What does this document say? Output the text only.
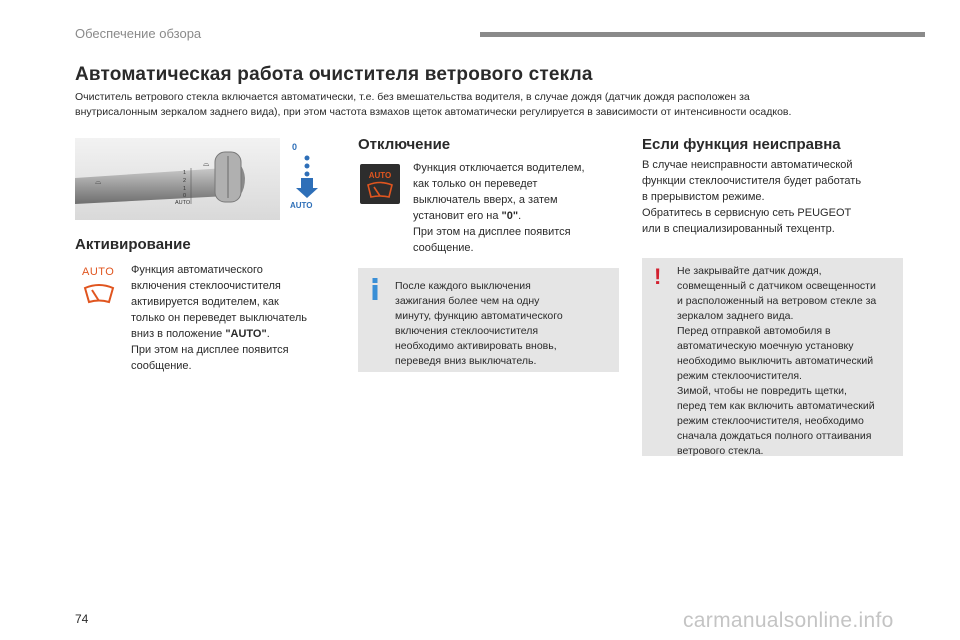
Обеспечение обзора
Автоматическая работа очистителя ветрового стекла
Очиститель ветрового стекла включается автоматически, т.е. без вмешательства водителя, в случае дождя (датчик дождя расположен за
внутрисалонным зеркалом заднего вида), при этом частота взмахов щеток автоматически регулируется в зависимости от интенсивности осадков.
⌓
⌓
1
2
1
0
AUTO
0
AUTO
Активирование
AUTO Функция автоматического
включения стеклоочистителя
активируется водителем, как
только он переведет выключатель
вниз в положение "AUTO".
При этом на дисплее появится
сообщение.
Отключение
AUTO
Функция отключается водителем,
как только он переведет
выключатель вверх, а затем
установит его на "0".
При этом на дисплее появится
сообщение.
После каждого выключения
зажигания более чем на одну
минуту, функцию автоматического
включения стеклоочистителя
необходимо активировать вновь,
переведя вниз выключатель.
Если функция неисправна
В случае неисправности автоматической
функции стеклоочистителя будет работать
в прерывистом режиме.
Обратитесь в сервисную сеть PEUGEOT
или в специализированный техцентр.
! Не закрывайте датчик дождя,
совмещенный с датчиком освещенности
и расположенный на ветровом стекле за
зеркалом заднего вида.
Перед отправкой автомобиля в
автоматическую моечную установку
необходимо выключить автоматический
режим стеклоочистителя.
Зимой, чтобы не повредить щетки,
перед тем как включить автоматический
режим стеклоочистителя, необходимо
сначала дождаться полного оттаивания
ветрового стекла.
74	carmanualsonline.info
